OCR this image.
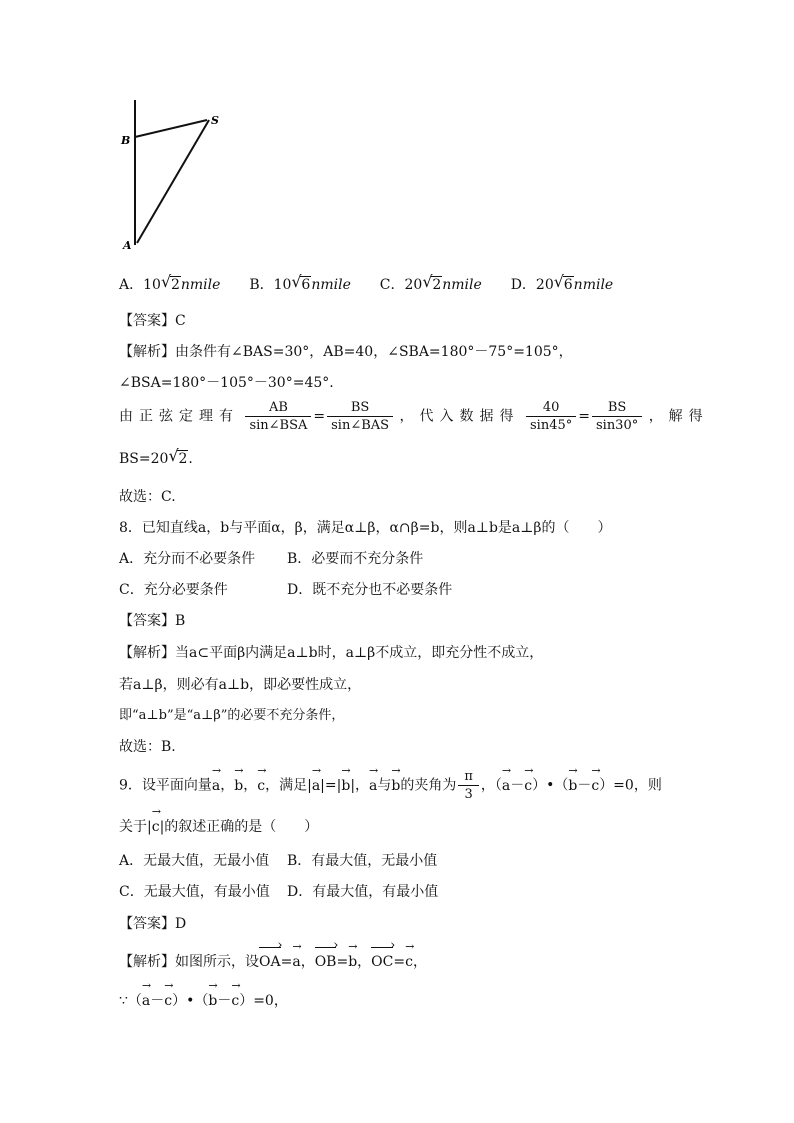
B
S
A
A．10 √ 2nmile B．10 √ 6nmile C．20 √ 2nmile D．20 √ 6nmile
【答案】C
【解析】由条件有∠BAS=30°，AB=40，∠SBA=180°－75°=105°，
∠BSA=180°－105°－30°=45°.
由正弦定理有 $\frac{AB}{\text{sin∠BSA}} = \frac{BS}{\text{sin∠BAS}}$ ，代入数据得 $\frac{40}{\sin 45^\circ} = \frac{BS}{\sin 30^\circ}$ ，解得
BS=20 √ 2.
故选：C.
8．已知直线a，b与平面α，β，满足α⊥β，α∩β=b，则a⊥b是a⊥β的（　　）
A．充分而不必要条件 B．必要而不充分条件
C．充分必要条件	D．既不充分也不必要条件
【答案】B
【解析】当a⊂平面β内满足a⊥b时，a⊥β不成立，即充分性不成立，
若a⊥β，则必有a⊥b，即必要性成立，
即“a⊥b”是“a⊥β”的必要不充分条件，
故选：B.
9．设平面向量→ a，→ b，→ c，满足|→ a|=|→ b|，→ a与→ b的夹角为 $\frac{\pi}{3}$ ，（→ a－→ c）•（→ b－→ c）=0，则
关于|→ c|的叙述正确的是（　　）
A．无最大值，无最小值 B．有最大值，无最小值
C．无最大值，有最小值 D．有最大值，有最小值
【答案】D
【解析】如图所示，设OA ›=→ a，OB ›=→ b，OC ›=→ c，
∵（→ a－→ c）•（→ b－→ c）=0，
